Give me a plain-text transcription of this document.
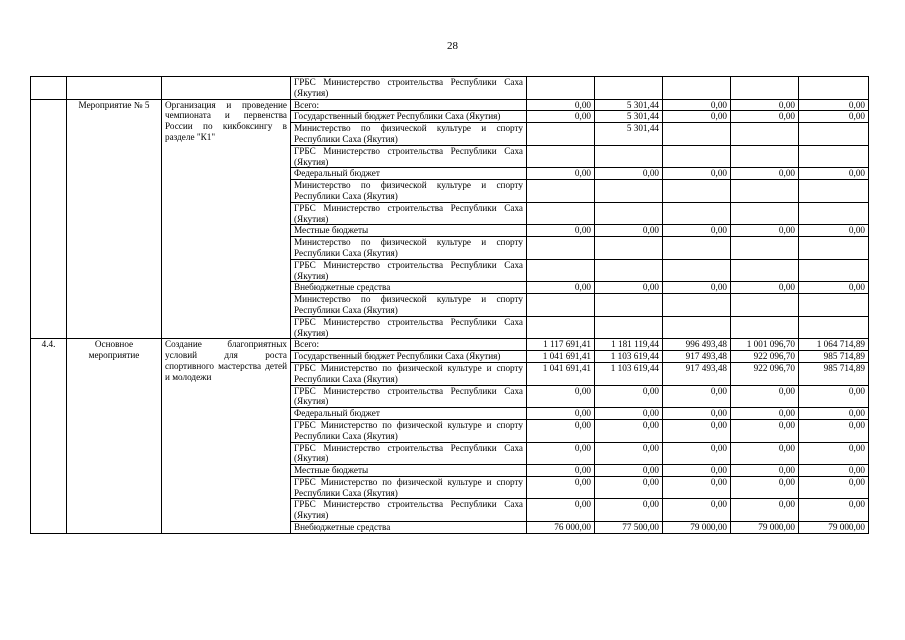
28
			ГРБС Министерство строительства Республики Саха (Якутия)					
	Мероприятие № 5	Организация и проведение чемпионата и первенства России по кикбоксингу в разделе "К1"	Всего:	0,00	5 301,44	0,00	0,00	0,00
			Государственный бюджет Республики Саха (Якутия)	0,00	5 301,44	0,00	0,00	0,00
			Министерство по физической культуре и спорту Республики Саха (Якутия)		5 301,44			
			ГРБС Министерство строительства Республики Саха (Якутия)					
			Федеральный бюджет	0,00	0,00	0,00	0,00	0,00
			Министерство по физической культуре и спорту Республики Саха (Якутия)					
			ГРБС Министерство строительства Республики Саха (Якутия)					
			Местные бюджеты	0,00	0,00	0,00	0,00	0,00
			Министерство по физической культуре и спорту Республики Саха (Якутия)					
			ГРБС Министерство строительства Республики Саха (Якутия)					
			Внебюджетные средства	0,00	0,00	0,00	0,00	0,00
			Министерство по физической культуре и спорту Республики Саха (Якутия)					
			ГРБС Министерство строительства Республики Саха (Якутия)					
4.4.	Основное мероприятие	Создание благоприятных условий для роста спортивного мастерства детей и молодежи	Всего:	1 117 691,41	1 181 119,44	996 493,48	1 001 096,70	1 064 714,89
			Государственный бюджет Республики Саха (Якутия)	1 041 691,41	1 103 619,44	917 493,48	922 096,70	985 714,89
			ГРБС Министерство по физической культуре и спорту Республики Саха (Якутия)	1 041 691,41	1 103 619,44	917 493,48	922 096,70	985 714,89
			ГРБС Министерство строительства Республики Саха (Якутия)	0,00	0,00	0,00	0,00	0,00
			Федеральный бюджет	0,00	0,00	0,00	0,00	0,00
			ГРБС Министерство по физической культуре и спорту Республики Саха (Якутия)	0,00	0,00	0,00	0,00	0,00
			ГРБС Министерство строительства Республики Саха (Якутия)	0,00	0,00	0,00	0,00	0,00
			Местные бюджеты	0,00	0,00	0,00	0,00	0,00
			ГРБС Министерство по физической культуре и спорту Республики Саха (Якутия)	0,00	0,00	0,00	0,00	0,00
			ГРБС Министерство строительства Республики Саха (Якутия)	0,00	0,00	0,00	0,00	0,00
			Внебюджетные средства	76 000,00	77 500,00	79 000,00	79 000,00	79 000,00
